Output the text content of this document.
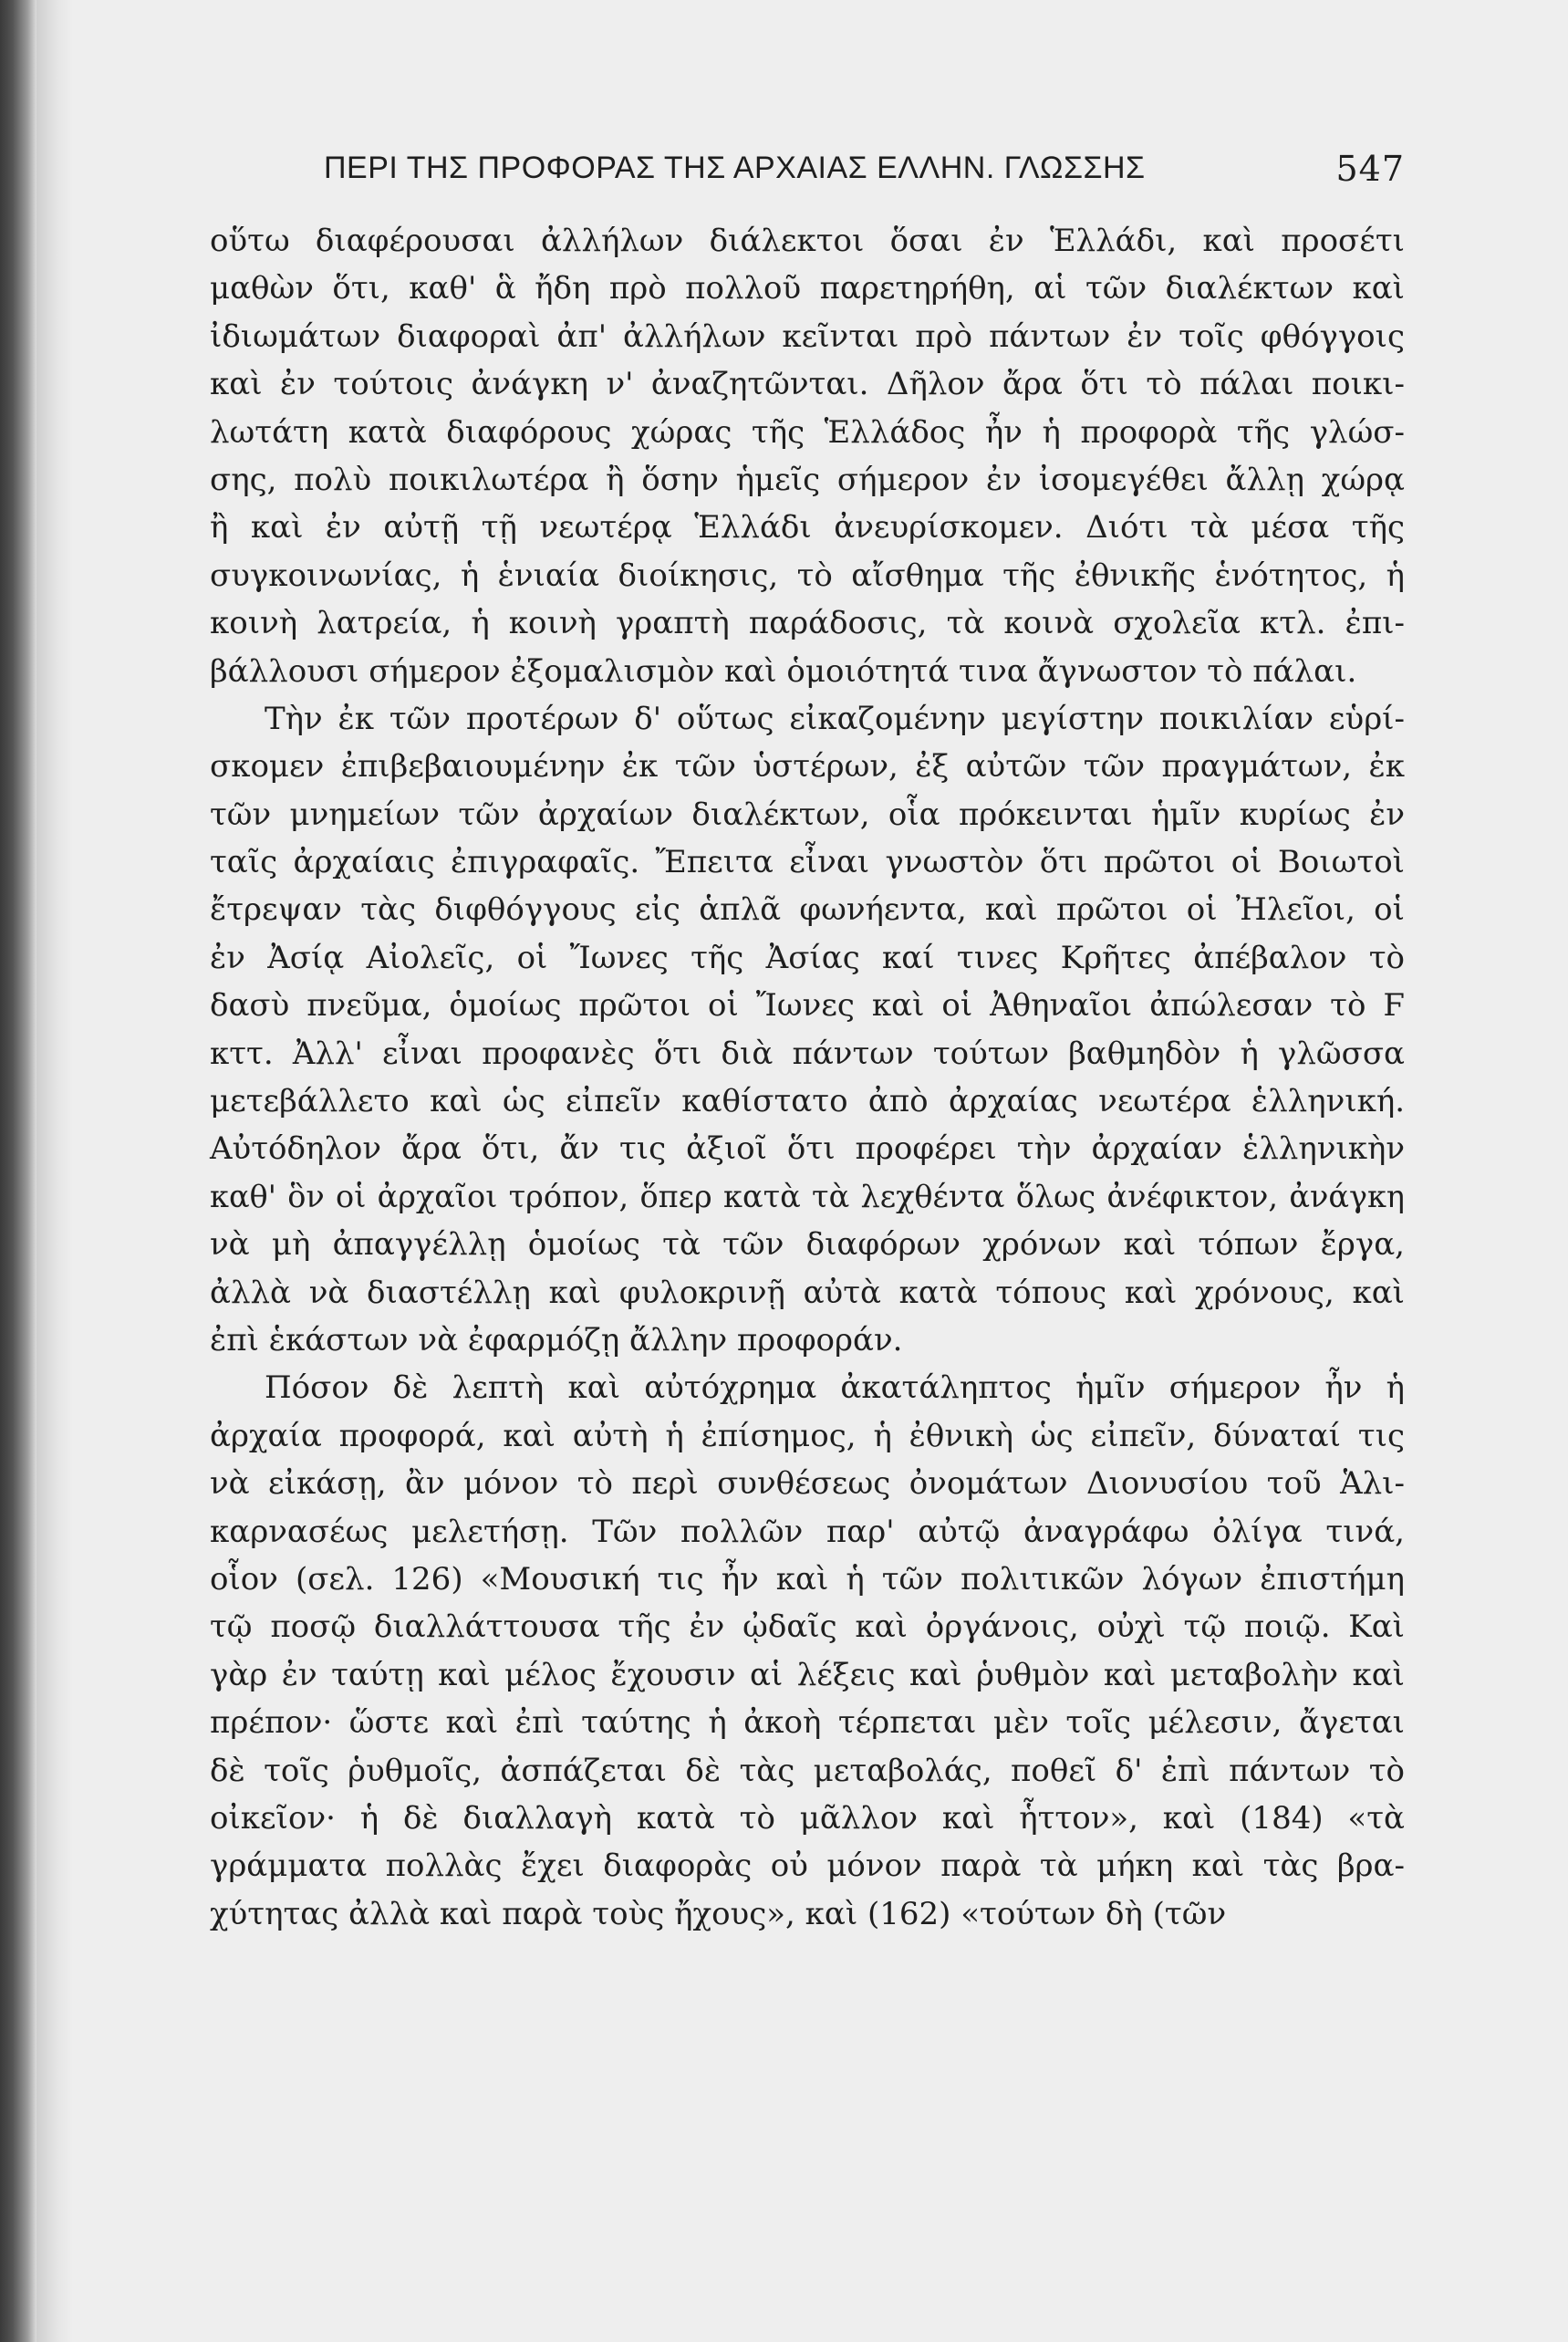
ΠΕΡΙ ΤΗΣ ΠΡΟΦΟΡΑΣ ΤΗΣ ΑΡΧΑΙΑΣ ΕΛΛΗΝ. ΓΛΩΣΣΗΣ	547
οὕτω διαφέρουσαι ἀλλήλων διάλεκτοι ὅσαι ἐν Ἑλλάδι, καὶ προσέτι
μαθὼν ὅτι, καθ' ἃ ἤδη πρὸ πολλοῦ παρετηρήθη, αἱ τῶν διαλέκτων καὶ
ἰδιωμάτων διαφοραὶ ἀπ' ἀλλήλων κεῖνται πρὸ πάντων ἐν τοῖς φθόγγοις
καὶ ἐν τούτοις ἀνάγκη ν' ἀναζητῶνται. Δῆλον ἄρα ὅτι τὸ πάλαι ποικι-
λωτάτη κατὰ διαφόρους χώρας τῆς Ἑλλάδος ἦν ἡ προφορὰ τῆς γλώσ-
σης, πολὺ ποικιλωτέρα ἢ ὅσην ἡμεῖς σήμερον ἐν ἰσομεγέθει ἄλλῃ χώρᾳ
ἢ καὶ ἐν αὐτῇ τῇ νεωτέρᾳ Ἑλλάδι ἀνευρίσκομεν. Διότι τὰ μέσα τῆς
συγκοινωνίας, ἡ ἑνιαία διοίκησις, τὸ αἴσθημα τῆς ἐθνικῆς ἑνότητος, ἡ
κοινὴ λατρεία, ἡ κοινὴ γραπτὴ παράδοσις, τὰ κοινὰ σχολεῖα κτλ. ἐπι-
βάλλουσι σήμερον ἐξομαλισμὸν καὶ ὁμοιότητά τινα ἄγνωστον τὸ πάλαι.
Τὴν ἐκ τῶν προτέρων δ' οὕτως εἰκαζομένην μεγίστην ποικιλίαν εὑρί-
σκομεν ἐπιβεβαιουμένην ἐκ τῶν ὑστέρων, ἐξ αὐτῶν τῶν πραγμάτων, ἐκ
τῶν μνημείων τῶν ἀρχαίων διαλέκτων, οἷα πρόκεινται ἡμῖν κυρίως ἐν
ταῖς ἀρχαίαις ἐπιγραφαῖς. Ἔπειτα εἶναι γνωστὸν ὅτι πρῶτοι οἱ Βοιωτοὶ
ἔτρεψαν τὰς διφθόγγους εἰς ἁπλᾶ φωνήεντα, καὶ πρῶτοι οἱ Ἠλεῖοι, οἱ
ἐν Ἀσίᾳ Αἰολεῖς, οἱ Ἴωνες τῆς Ἀσίας καί τινες Κρῆτες ἀπέβαλον τὸ
δασὺ πνεῦμα, ὁμοίως πρῶτοι οἱ Ἴωνες καὶ οἱ Ἀθηναῖοι ἀπώλεσαν τὸ Ϝ
κττ. Ἀλλ' εἶναι προφανὲς ὅτι διὰ πάντων τούτων βαθμηδὸν ἡ γλῶσσα
μετεβάλλετο καὶ ὡς εἰπεῖν καθίστατο ἀπὸ ἀρχαίας νεωτέρα ἑλληνική.
Αὐτόδηλον ἄρα ὅτι, ἄν τις ἀξιοῖ ὅτι προφέρει τὴν ἀρχαίαν ἑλληνικὴν
καθ' ὃν οἱ ἀρχαῖοι τρόπον, ὅπερ κατὰ τὰ λεχθέντα ὅλως ἀνέφικτον, ἀνάγκη
νὰ μὴ ἀπαγγέλλῃ ὁμοίως τὰ τῶν διαφόρων χρόνων καὶ τόπων ἔργα,
ἀλλὰ νὰ διαστέλλῃ καὶ φυλοκρινῇ αὐτὰ κατὰ τόπους καὶ χρόνους, καὶ
ἐπὶ ἑκάστων νὰ ἐφαρμόζῃ ἄλλην προφοράν.
Πόσον δὲ λεπτὴ καὶ αὐτόχρημα ἀκατάληπτος ἡμῖν σήμερον ἦν ἡ
ἀρχαία προφορά, καὶ αὐτὴ ἡ ἐπίσημος, ἡ ἐθνικὴ ὡς εἰπεῖν, δύναταί τις
νὰ εἰκάσῃ, ἂν μόνον τὸ περὶ συνθέσεως ὀνομάτων Διονυσίου τοῦ Ἁλι-
καρνασέως μελετήσῃ. Τῶν πολλῶν παρ' αὐτῷ ἀναγράφω ὀλίγα τινά,
οἷον (σελ. 126) «Μουσική τις ἦν καὶ ἡ τῶν πολιτικῶν λόγων ἐπιστήμη
τῷ ποσῷ διαλλάττουσα τῆς ἐν ᾠδαῖς καὶ ὀργάνοις, οὐχὶ τῷ ποιῷ. Καὶ
γὰρ ἐν ταύτῃ καὶ μέλος ἔχουσιν αἱ λέξεις καὶ ῥυθμὸν καὶ μεταβολὴν καὶ
πρέπον· ὥστε καὶ ἐπὶ ταύτης ἡ ἀκοὴ τέρπεται μὲν τοῖς μέλεσιν, ἄγεται
δὲ τοῖς ῥυθμοῖς, ἀσπάζεται δὲ τὰς μεταβολάς, ποθεῖ δ' ἐπὶ πάντων τὸ
οἰκεῖον· ἡ δὲ διαλλαγὴ κατὰ τὸ μᾶλλον καὶ ἧττον», καὶ (184) «τὰ
γράμματα πολλὰς ἔχει διαφορὰς οὐ μόνον παρὰ τὰ μήκη καὶ τὰς βρα-
χύτητας ἀλλὰ καὶ παρὰ τοὺς ἤχους», καὶ (162) «τούτων δὴ (τῶν
